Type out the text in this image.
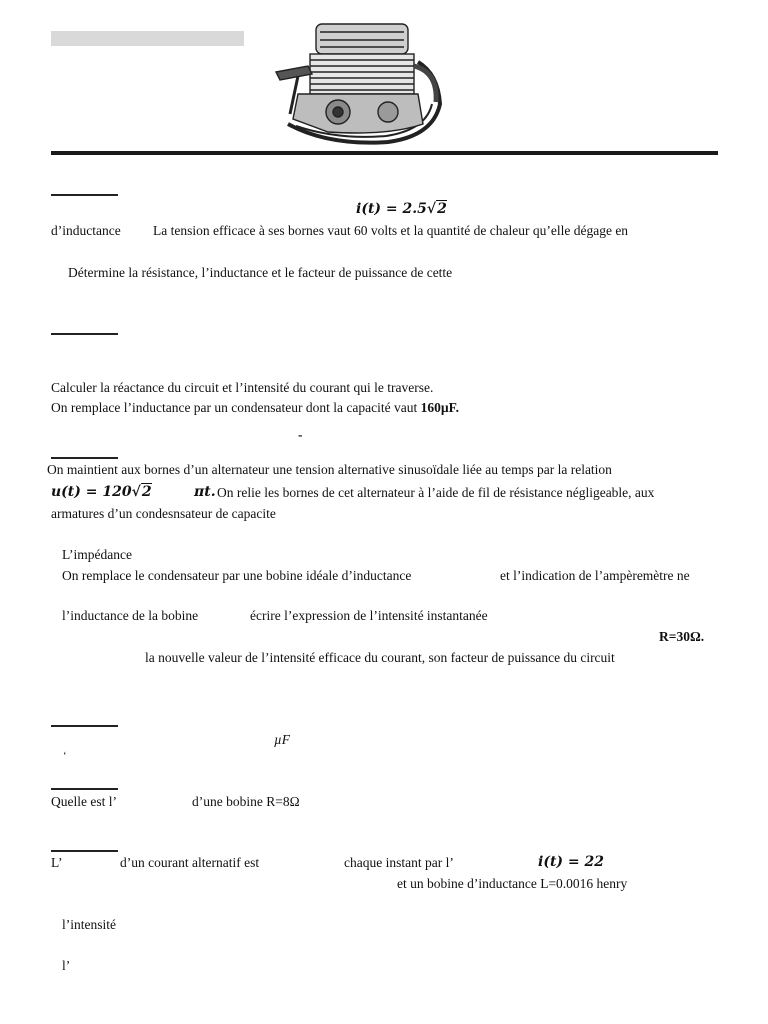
i(t) = 2.5√2
d’inductance La tension efficace à ses bornes vaut 60 volts et la quantité de chaleur qu’elle dégage en
Détermine la résistance, l’inductance et le facteur de puissance de cette
Calculer la réactance du circuit et l’intensité du courant qui le traverse.
On remplace l’inductance par un condensateur dont la capacité vaut 160µF.
-
On maintient aux bornes d’un alternateur une tension alternative sinusoïdale liée au temps par la relation
u(t) = 120√2	πt. On relie les bornes de cet alternateur à l’aide de fil de résistance négligeable, aux
armatures d’un condesnsateur de capacite
L’impédance
On remplace le condensateur par une bobine idéale d’inductance	et l’indication de l’ampèremètre ne
l’inductance de la bobine	écrire l’expression de l’intensité instantanée
R=30Ω.
la nouvelle valeur de l’intensité efficace du courant, son facteur de puissance du circuit
µF
‘
Quelle est l’	d’une bobine R=8Ω
L’	d’un courant alternatif est	chaque instant par l’	i(t) = 22
et un bobine d’inductance L=0.0016 henry
l’intensité
l’
